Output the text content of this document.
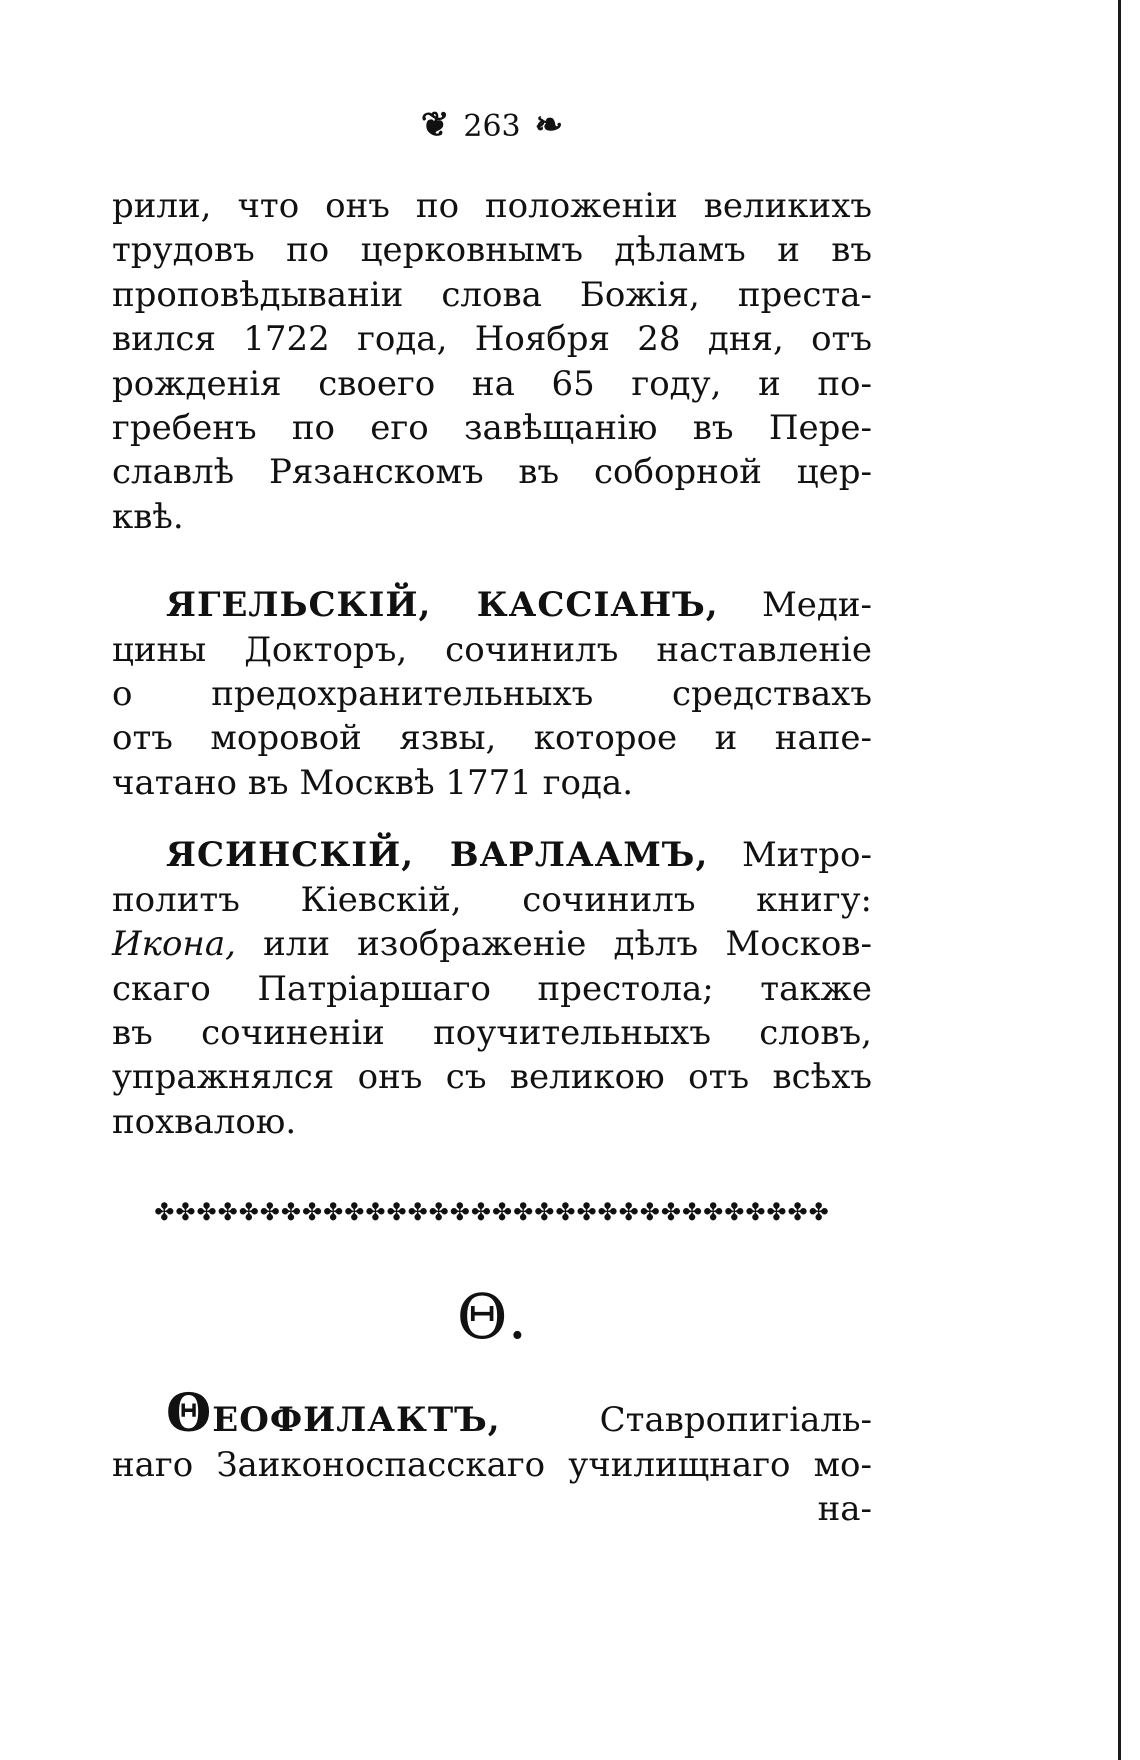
❦ 263 ❧
рили, что онъ по положеніи великихъ
трудовъ по церковнымъ дѣламъ и въ
проповѣдываніи слова Божія, преста-
вился 1722 года, Ноября 28 дня, отъ
рожденія своего на 65 году, и по-
гребенъ по его завѣщанію въ Пере-
славлѣ Рязанскомъ въ соборной цер-
квѣ.
ЯГЕЛЬСКІЙ, КАССІАНЪ, Меди-
цины Докторъ, сочинилъ наставленіе
о предохранительныхъ средствахъ
отъ моровой язвы, которое и напе-
чатано въ Москвѣ 1771 года.
ЯСИНСКІЙ, ВАРЛААМЪ, Митро-
политъ Кіевскій, сочинилъ книгу:
Икона, или изображеніе дѣлъ Москов-
скаго Патріаршаго престола; также
въ сочиненіи поучительныхъ словъ,
упражнялся онъ съ великою отъ всѣхъ
похвалою.
✤✤✤✤✤✤✤✤✤✤✤✤✤✤✤✤✤✤✤✤✤✤✤✤✤✤✤✤✤✤✤✤
Θ.
ΘЕОФИЛАКТЪ,	Ставропигіаль-
наго Заиконоспасскаго училищнаго мо-
на-
